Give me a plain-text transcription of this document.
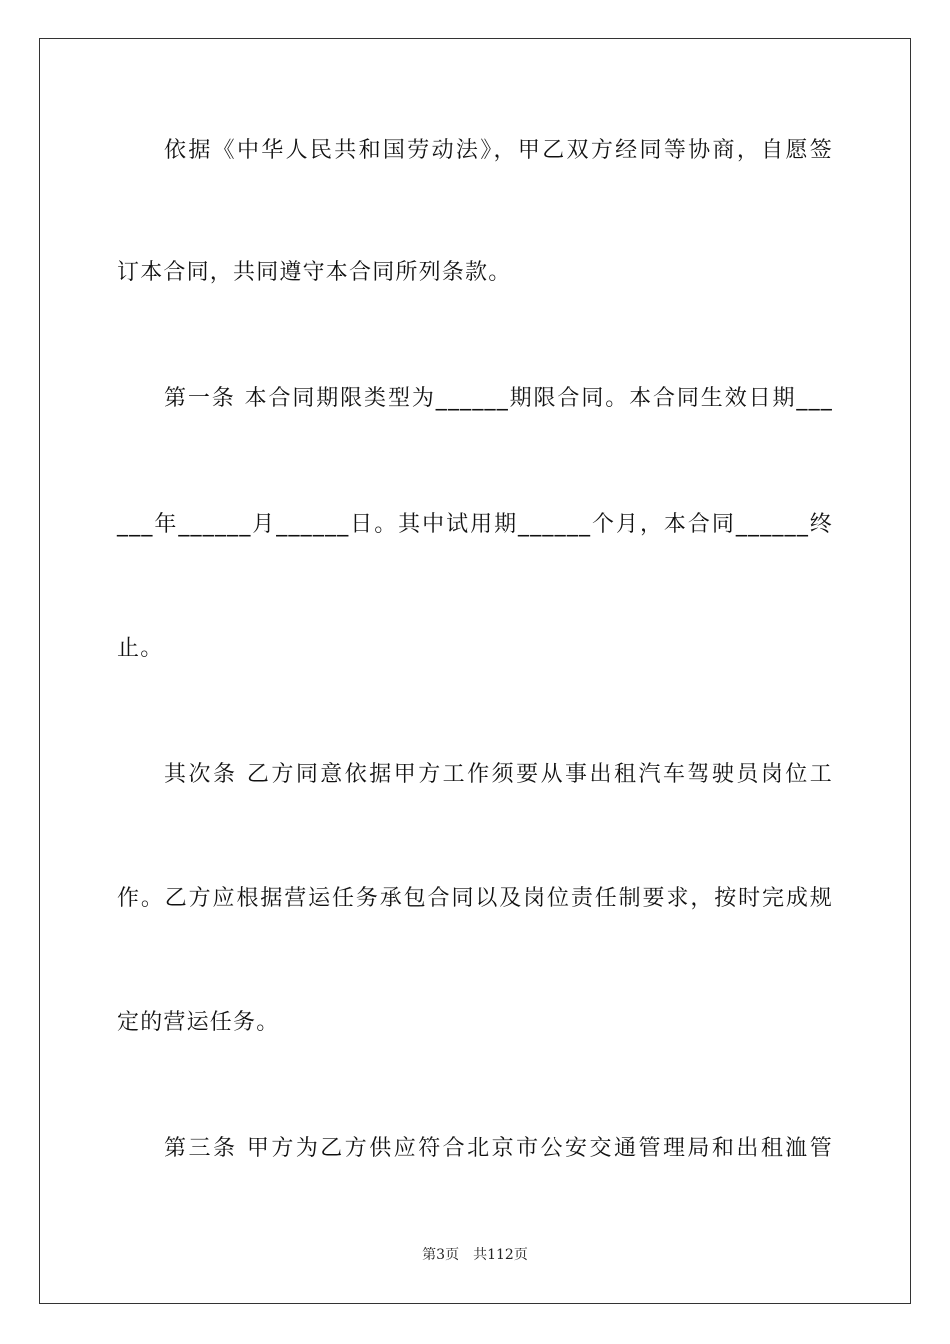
依据《中华人民共和国劳动法》，甲乙双方经同等协商，自愿签
订本合同，共同遵守本合同所列条款。
第一条 本合同期限类型为______期限合同。本合同生效日期___
___年______月______日。其中试用期______个月，本合同______终
止。
其次条 乙方同意依据甲方工作须要从事出租汽车驾驶员岗位工
作。乙方应根据营运任务承包合同以及岗位责任制要求，按时完成规
定的营运任务。
第三条 甲方为乙方供应符合北京市公安交通管理局和出租洫管
第3页 共112页
